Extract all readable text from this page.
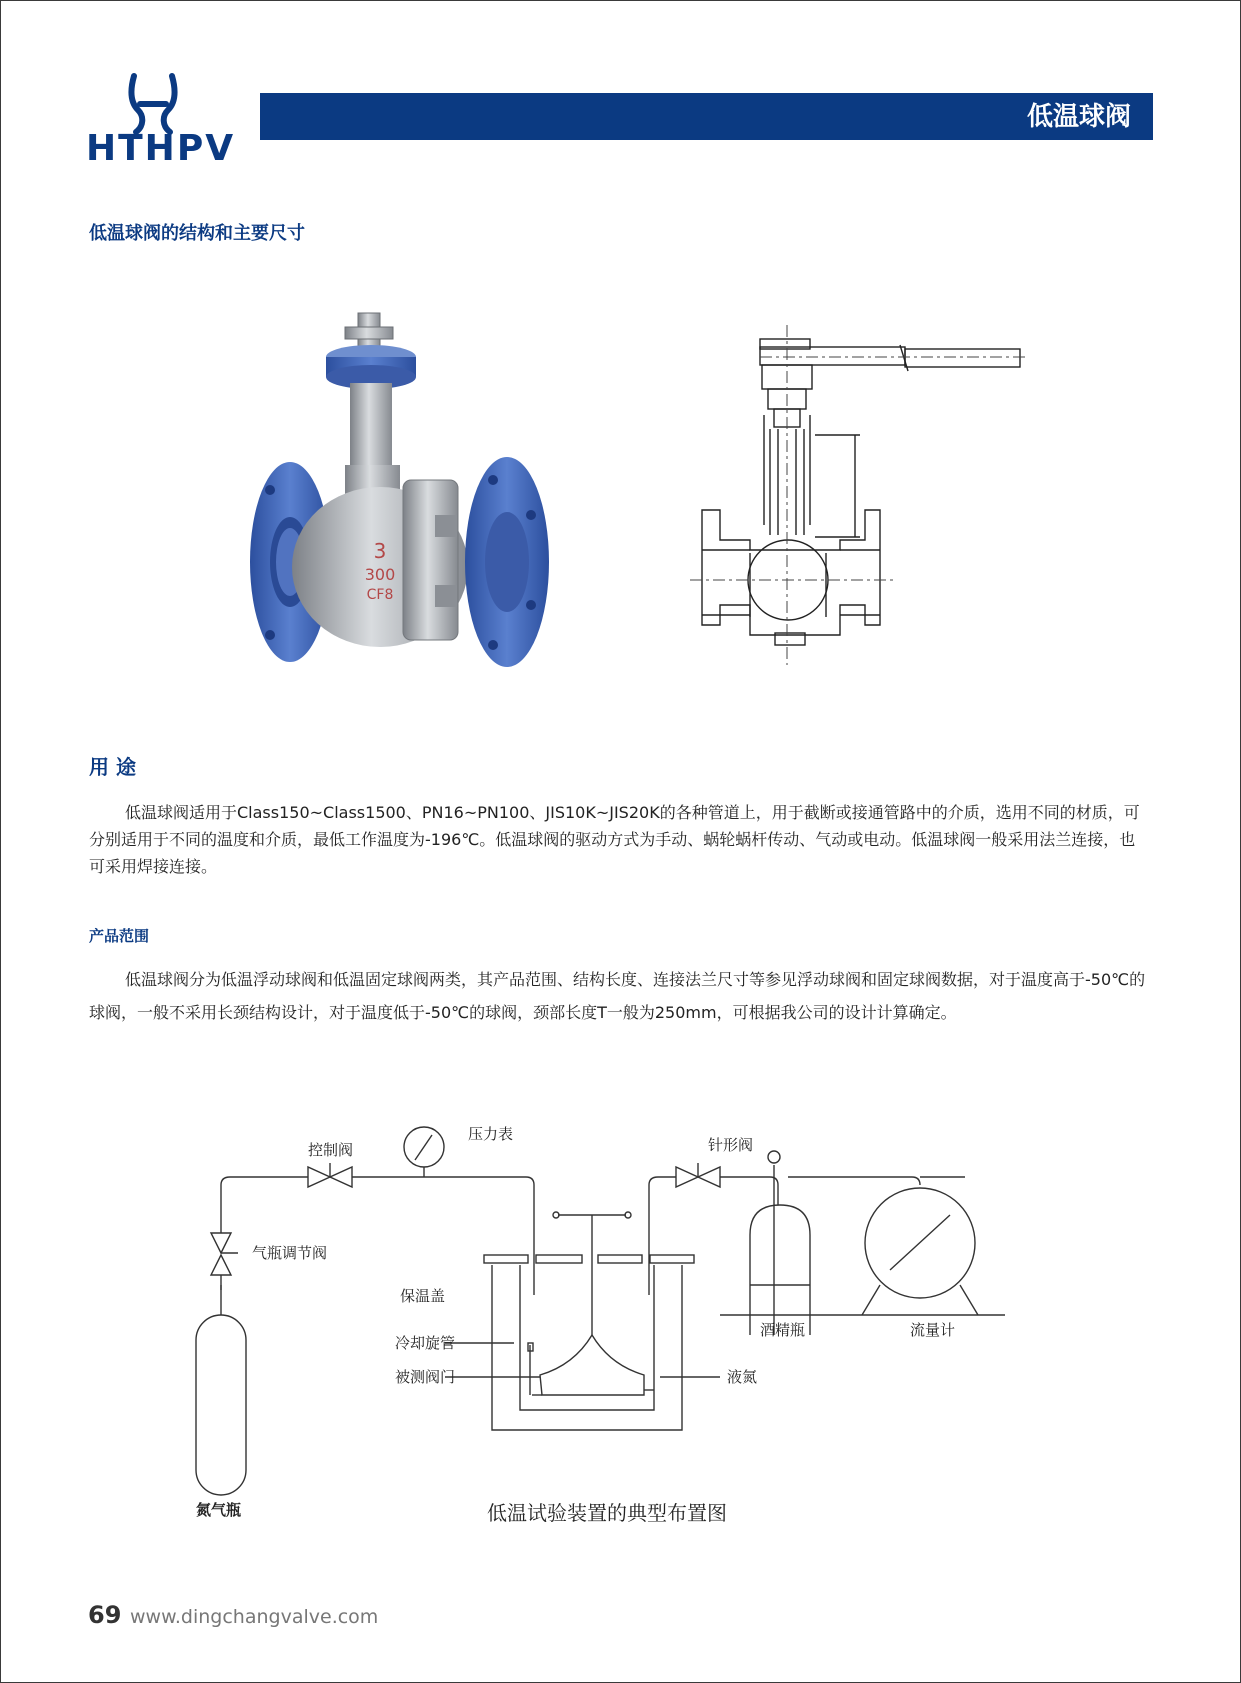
HTHPV
低温球阀
低温球阀的结构和主要尺寸
3
300
CF8
用 途
低温球阀适用于Class150~Class1500、PN16~PN100、JIS10K~JIS20K的各种管道上，用于截断或接通管路中的介质，选用不同的材质，可分别适用于不同的温度和介质，最低工作温度为-196℃。低温球阀的驱动方式为手动、蜗轮蜗杆传动、气动或电动。低温球阀一般采用法兰连接，也可采用焊接连接。
产品范围
低温球阀分为低温浮动球阀和低温固定球阀两类，其产品范围、结构长度、连接法兰尺寸等参见浮动球阀和固定球阀数据，对于温度高于-50℃的球阀，一般不采用长颈结构设计，对于温度低于-50℃的球阀，颈部长度T一般为250mm，可根据我公司的设计计算确定。
控制阀
压力表
针形阀
气瓶调节阀
保温盖
冷却旋管
被测阀门	液氮
酒精瓶	流量计
氮气瓶	低温试验装置的典型布置图
69 www.dingchangvalve.com
